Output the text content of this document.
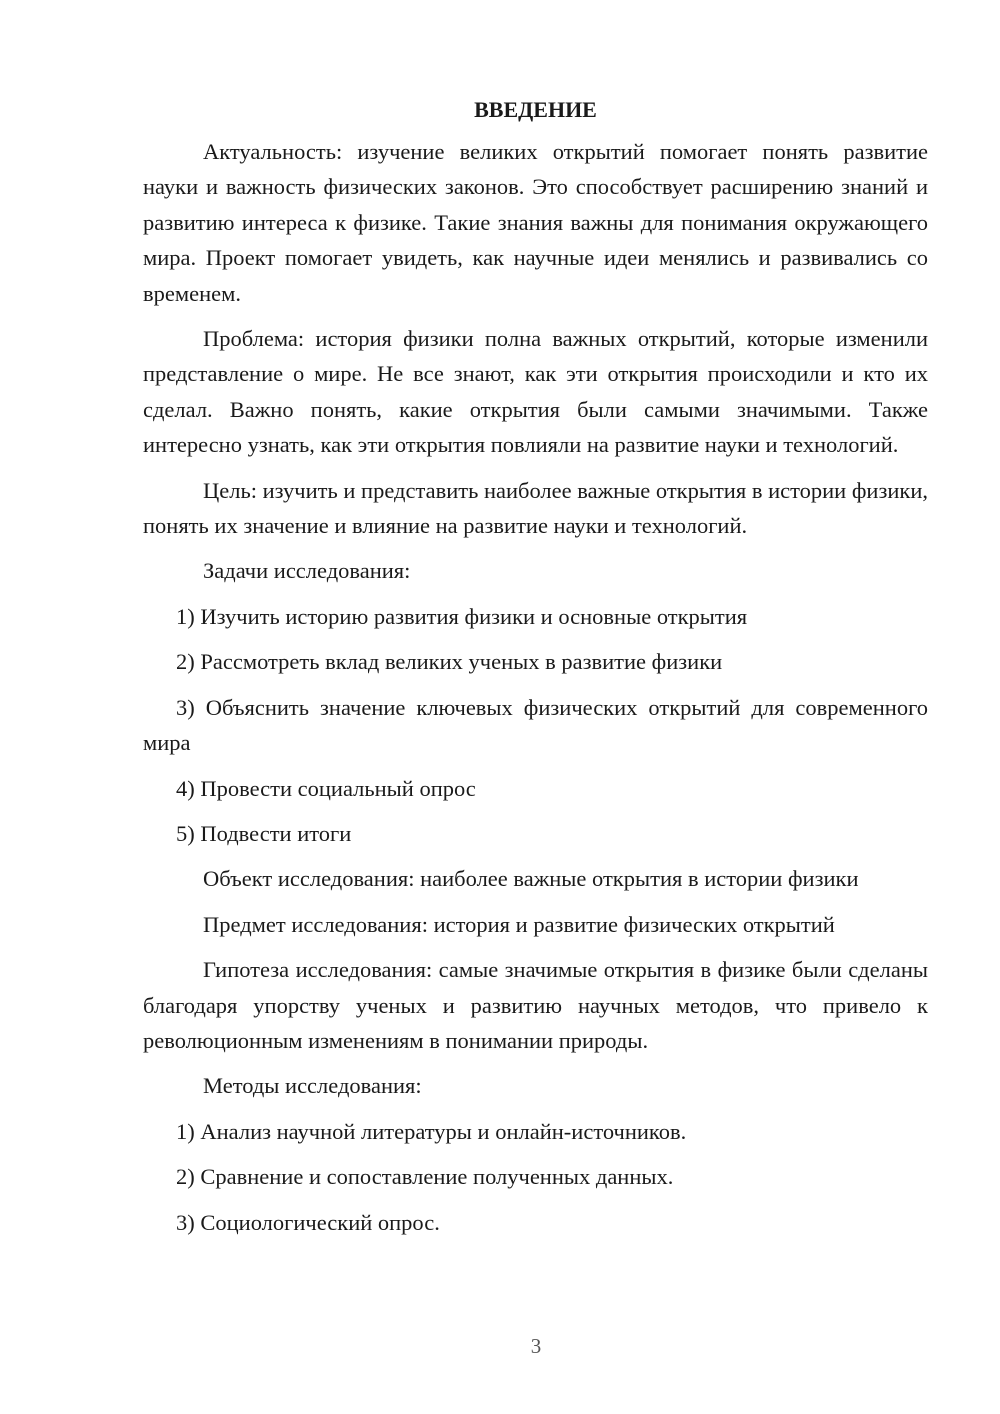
ВВЕДЕНИЕ

Актуальность: изучение великих открытий помогает понять развитие науки и важность физических законов. Это способствует расширению знаний и развитию интереса к физике. Такие знания важны для понимания окружающего мира. Проект помогает увидеть, как научные идеи менялись и развивались со временем.

Проблема: история физики полна важных открытий, которые изменили представление о мире. Не все знают, как эти открытия происходили и кто их сделал. Важно понять, какие открытия были самыми значимыми. Также интересно узнать, как эти открытия повлияли на развитие науки и технологий.

Цель: изучить и представить наиболее важные открытия в истории физики, понять их значение и влияние на развитие науки и технологий.

Задачи исследования:
1) Изучить историю развития физики и основные открытия
2) Рассмотреть вклад великих ученых в развитие физики

3) Объяснить значение ключевых физических открытий для современного мира

4) Провести социальный опрос
5) Подвести итоги
Объект исследования: наиболее важные открытия в истории физики
Предмет исследования: история и развитие физических открытий

Гипотеза исследования: самые значимые открытия в физике были сделаны благодаря упорству ученых и развитию научных методов, что привело к революционным изменениям в понимании природы.

Методы исследования:
1) Анализ научной литературы и онлайн-источников.
2) Сравнение и сопоставление полученных данных.
3) Социологический опрос.
3
